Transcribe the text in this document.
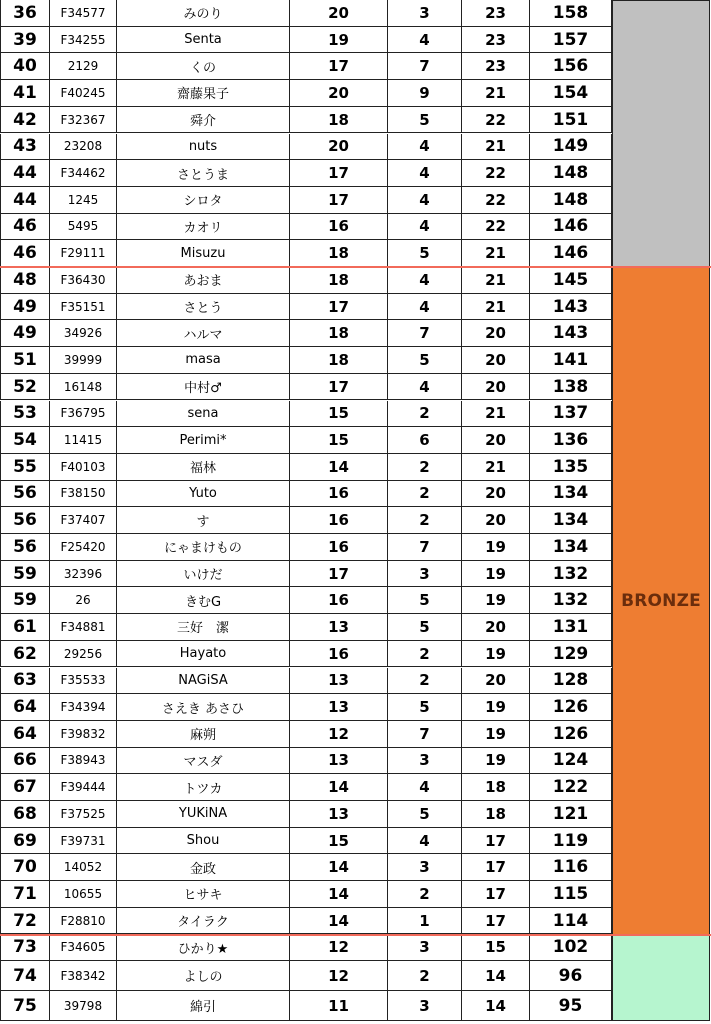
36	F34577	みのり	20	3	23	158
39	F34255	Senta	19	4	23	157
40	2129	くの	17	7	23	156
41	F40245	齋藤果子	20	9	21	154
42	F32367	舜介	18	5	22	151
43	23208	nuts	20	4	21	149
44	F34462	さとうま	17	4	22	148
44	1245	シロタ	17	4	22	148
46	5495	カオリ	16	4	22	146
46	F29111	Misuzu	18	5	21	146
48	F36430	あおま	18	4	21	145
49	F35151	さとう	17	4	21	143
49	34926	ハルマ	18	7	20	143
51	39999	masa	18	5	20	141
52	16148	中村♂	17	4	20	138
53	F36795	sena	15	2	21	137
54	11415	Perimi*	15	6	20	136
55	F40103	福林	14	2	21	135
56	F38150	Yuto	16	2	20	134
56	F37407	す	16	2	20	134
56	F25420	にゃまけもの	16	7	19	134
59	32396	いけだ	17	3	19	132
59	26	きむG	16	5	19	132
61	F34881	三好　潔	13	5	20	131
62	29256	Hayato	16	2	19	129
63	F35533	NAGiSA	13	2	20	128
64	F34394	さえき あさひ	13	5	19	126
64	F39832	麻朔	12	7	19	126
66	F38943	マスダ	13	3	19	124
67	F39444	トツカ	14	4	18	122
68	F37525	YUKiNA	13	5	18	121
69	F39731	Shou	15	4	17	119
70	14052	金政	14	3	17	116
71	10655	ヒサキ	14	2	17	115
72	F28810	タイラク	14	1	17	114
73	F34605	ひかり★	12	3	15	102
74	F38342	よしの	12	2	14	96
75	39798	綿引	11	3	14	95
BRONZE
